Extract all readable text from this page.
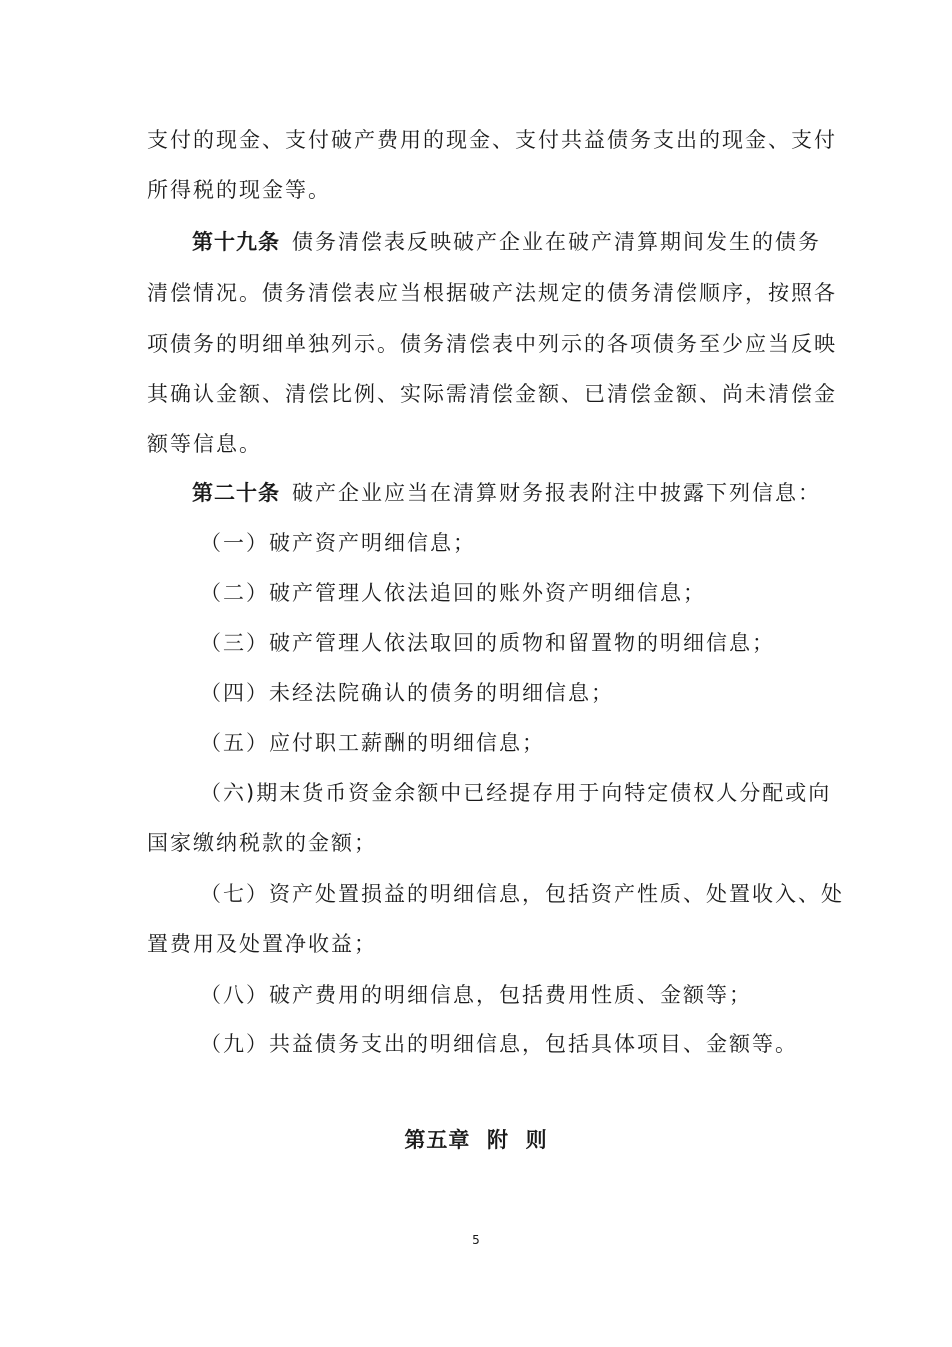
支付的现金、支付破产费用的现金、支付共益债务支出的现金、支付
所得税的现金等。
第十九条 债务清偿表反映破产企业在破产清算期间发生的债务
清偿情况。债务清偿表应当根据破产法规定的债务清偿顺序，按照各
项债务的明细单独列示。债务清偿表中列示的各项债务至少应当反映
其确认金额、清偿比例、实际需清偿金额、已清偿金额、尚未清偿金
额等信息。
第二十条 破产企业应当在清算财务报表附注中披露下列信息：
（一）破产资产明细信息；
（二）破产管理人依法追回的账外资产明细信息；
（三）破产管理人依法取回的质物和留置物的明细信息；
（四）未经法院确认的债务的明细信息；
（五）应付职工薪酬的明细信息；
（六)期末货币资金余额中已经提存用于向特定债权人分配或向
国家缴纳税款的金额；
（七）资产处置损益的明细信息，包括资产性质、处置收入、处
置费用及处置净收益；
（八）破产费用的明细信息，包括费用性质、金额等；
（九）共益债务支出的明细信息，包括具体项目、金额等。
第五章  附  则
5
